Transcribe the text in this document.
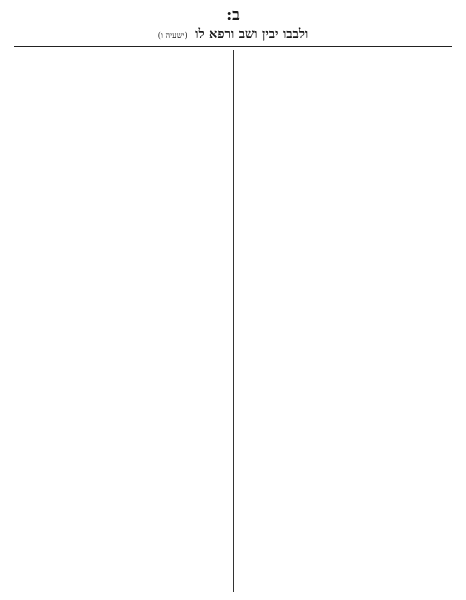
ב:
ולבבו יבין ושב ורפא לו (ישעיה ו)
